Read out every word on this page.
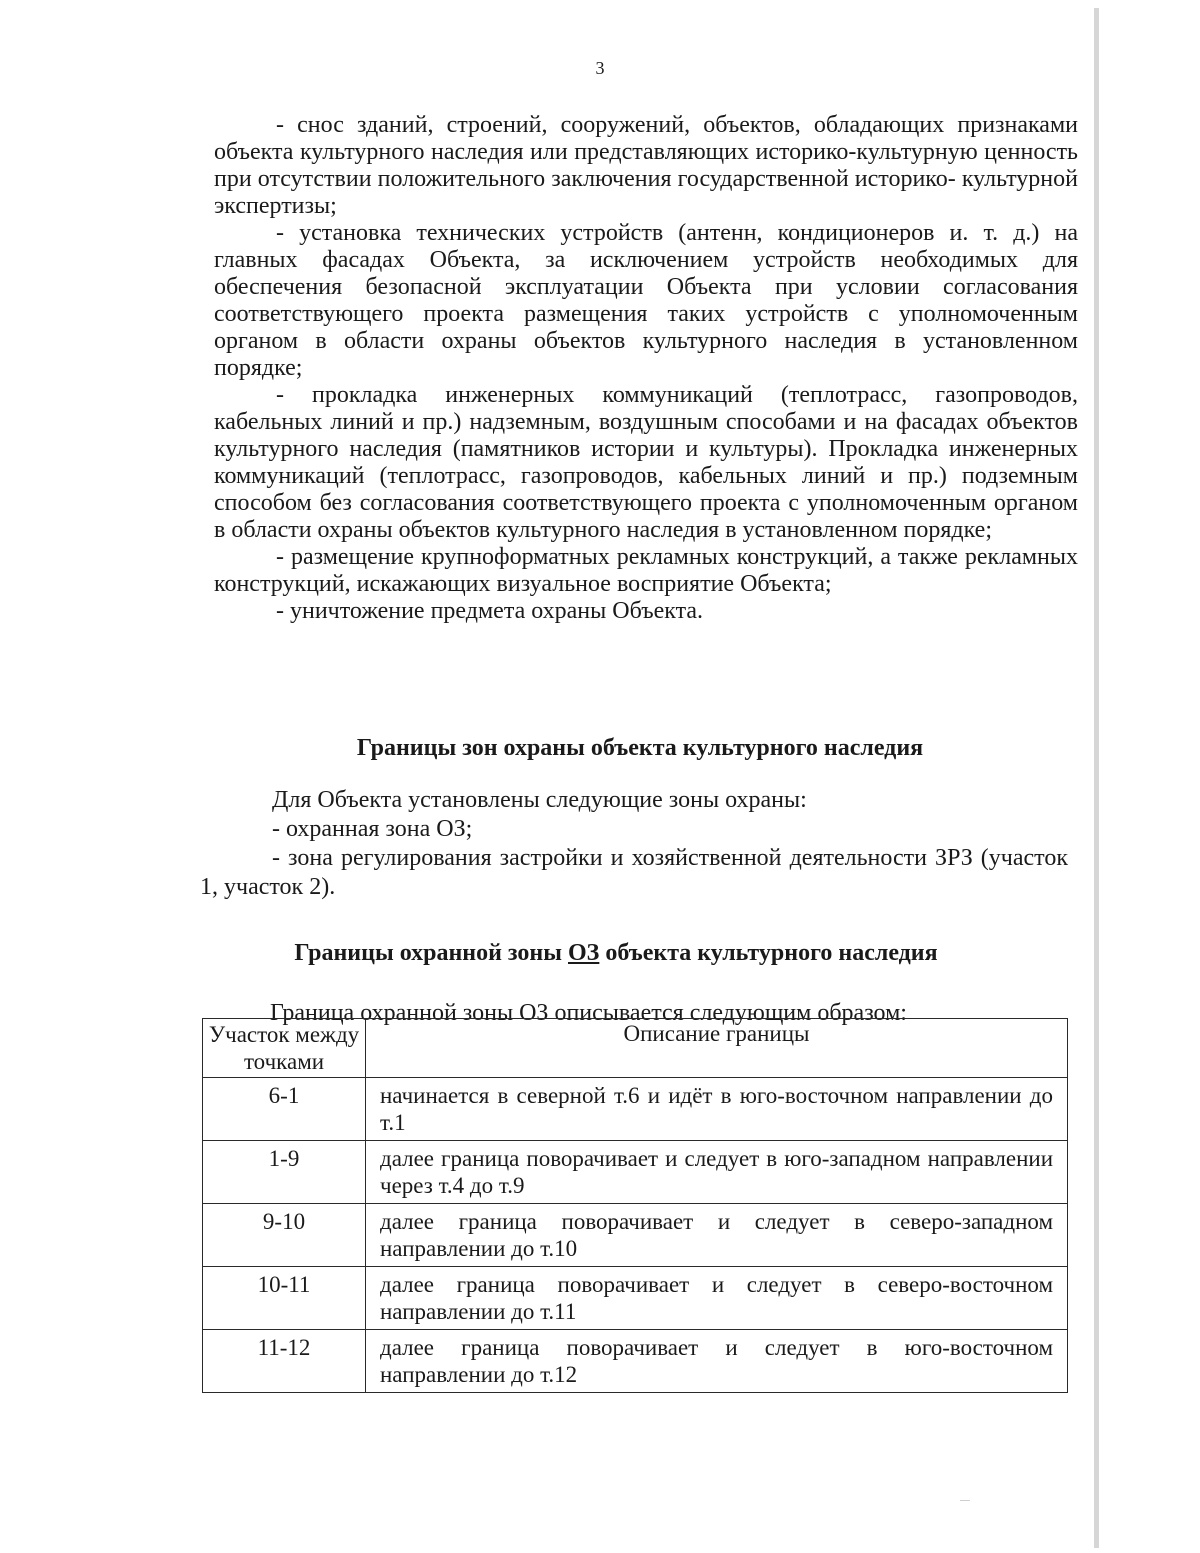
3

- снос зданий, строений, сооружений, объектов, обладающих признаками объекта культурного наследия или представляющих историко-культурную ценность при отсутствии положительного заключения государственной историко- культурной экспертизы;

- установка технических устройств (антенн, кондиционеров и. т. д.) на главных фасадах Объекта, за исключением устройств необходимых для обеспечения безопасной эксплуатации Объекта при условии согласования соответствующего проекта размещения таких устройств с уполномоченным органом в области охраны объектов культурного наследия в установленном порядке;

- прокладка инженерных коммуникаций (теплотрасс, газопроводов, кабельных линий и пр.) надземным, воздушным способами и на фасадах объектов культурного наследия (памятников истории и культуры). Прокладка инженерных коммуникаций (теплотрасс, газопроводов, кабельных линий и пр.) подземным способом без согласования соответствующего проекта с уполномоченным органом в области охраны объектов культурного наследия в установленном порядке;

- размещение крупноформатных рекламных конструкций, а также рекламных конструкций, искажающих визуальное восприятие Объекта;

- уничтожение предмета охраны Объекта.

Границы зон охраны объекта культурного наследия

Для Объекта установлены следующие зоны охраны:

- охранная зона ОЗ;

- зона регулирования застройки и хозяйственной деятельности ЗРЗ (участок 1, участок 2).

Границы охранной зоны ОЗ объекта культурного наследия
Граница охранной зоны ОЗ описывается следующим образом:
Участок между точками	Описание границы
6-1	начинается в северной т.6 и идёт в юго-восточном направлении до т.1
1-9	далее граница поворачивает и следует в юго-западном направлении через т.4 до т.9
9-10	далее граница поворачивает и следует в северо-западном направлении до т.10
10-11	далее граница поворачивает и следует в северо-восточном направлении до т.11
11-12	далее граница поворачивает и следует в юго-восточном направлении до т.12
